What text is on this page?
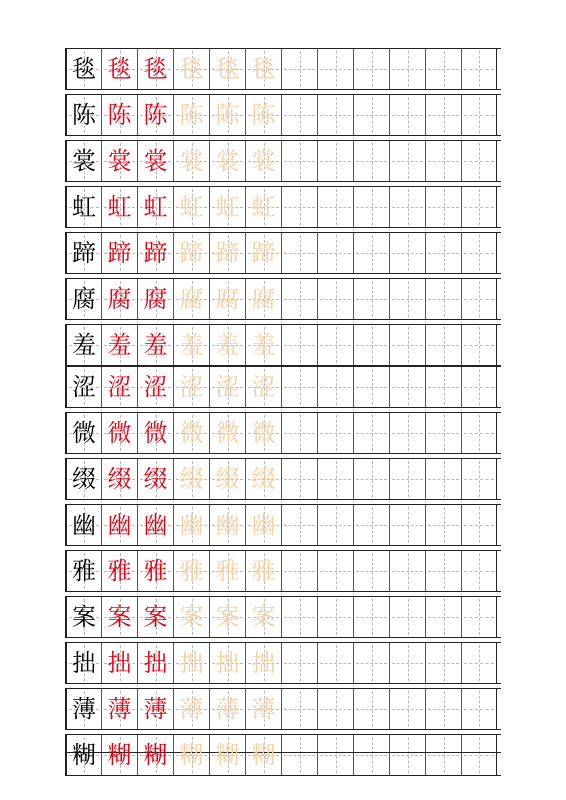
毯 毯 毯 毯 毯 毯
陈 陈 陈 陈 陈 陈
裳 裳 裳 裳 裳 裳
虹 虹 虹 虹 虹 虹
蹄 蹄 蹄 蹄 蹄 蹄
腐 腐 腐 腐 腐 腐
羞 羞 羞 羞 羞 羞
涩 涩 涩 涩 涩 涩
微 微 微 微 微 微
缀 缀 缀 缀 缀 缀
幽 幽 幽 幽 幽 幽
雅 雅 雅 雅 雅 雅
案 案 案 案 案 案
拙 拙 拙 拙 拙 拙
薄 薄 薄 薄 薄 薄
糊 糊 糊 糊 糊 糊
